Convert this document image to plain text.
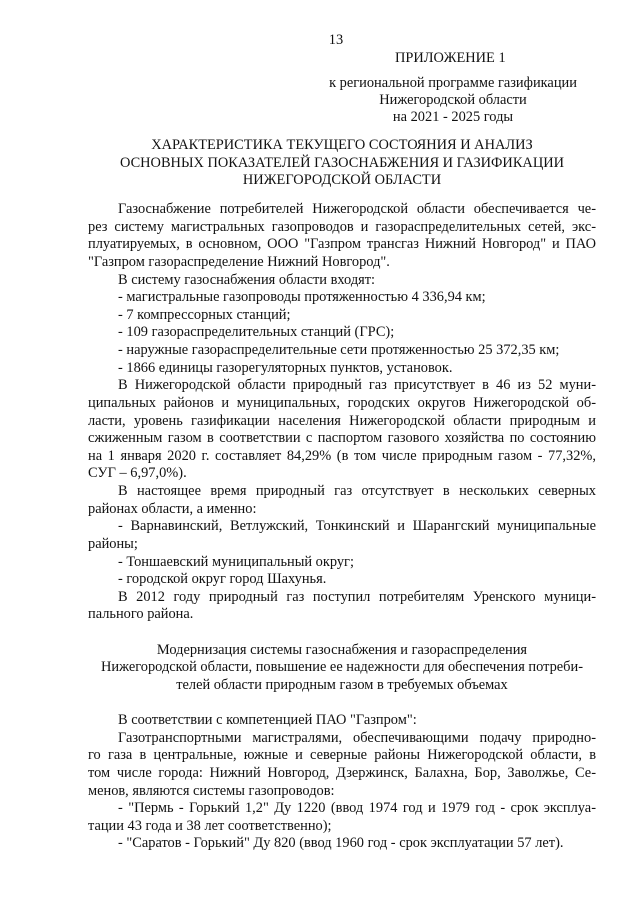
13
ПРИЛОЖЕНИЕ 1
к региональной программе газификации
Нижегородской области
на 2021 - 2025 годы
ХАРАКТЕРИСТИКА ТЕКУЩЕГО СОСТОЯНИЯ И АНАЛИЗ
ОСНОВНЫХ ПОКАЗАТЕЛЕЙ ГАЗОСНАБЖЕНИЯ И ГАЗИФИКАЦИИ
НИЖЕГОРОДСКОЙ ОБЛАСТИ
Газоснабжение потребителей Нижегородской области обеспечивается че-
рез систему магистральных газопроводов и газораспределительных сетей, экс-
плуатируемых, в основном, ООО "Газпром трансгаз Нижний Новгород" и ПАО
"Газпром газораспределение Нижний Новгород".
В систему газоснабжения области входят:
- магистральные газопроводы протяженностью 4 336,94 км;
- 7 компрессорных станций;
- 109 газораспределительных станций (ГРС);
- наружные газораспределительные сети протяженностью 25 372,35 км;
- 1866 единицы газорегуляторных пунктов, установок.
В Нижегородской области природный газ присутствует в 46 из 52 муни-
ципальных районов и муниципальных, городских округов Нижегородской об-
ласти, уровень газификации населения Нижегородской области природным и
сжиженным газом в соответствии с паспортом газового хозяйства по состоянию
на 1 января 2020 г. составляет 84,29% (в том числе природным газом - 77,32%,
СУГ – 6,97,0%).
В настоящее время природный газ отсутствует в нескольких северных
районах области, а именно:
- Варнавинский, Ветлужский, Тонкинский и Шарангский муниципальные
районы;
- Тоншаевский муниципальный округ;
- городской округ город Шахунья.
В 2012 году природный газ поступил потребителям Уренского муници-
пального района.
Модернизация системы газоснабжения и газораспределения
Нижегородской области, повышение ее надежности для обеспечения потреби-
телей области природным газом в требуемых объемах
В соответствии с компетенцией ПАО "Газпром":
Газотранспортными магистралями, обеспечивающими подачу природно-
го газа в центральные, южные и северные районы Нижегородской области, в
том числе города: Нижний Новгород, Дзержинск, Балахна, Бор, Заволжье, Се-
менов, являются системы газопроводов:
- "Пермь - Горький 1,2" Ду 1220 (ввод 1974 год и 1979 год - срок эксплуа-
тации 43 года и 38 лет соответственно);
- "Саратов - Горький" Ду 820 (ввод 1960 год - срок эксплуатации 57 лет).
